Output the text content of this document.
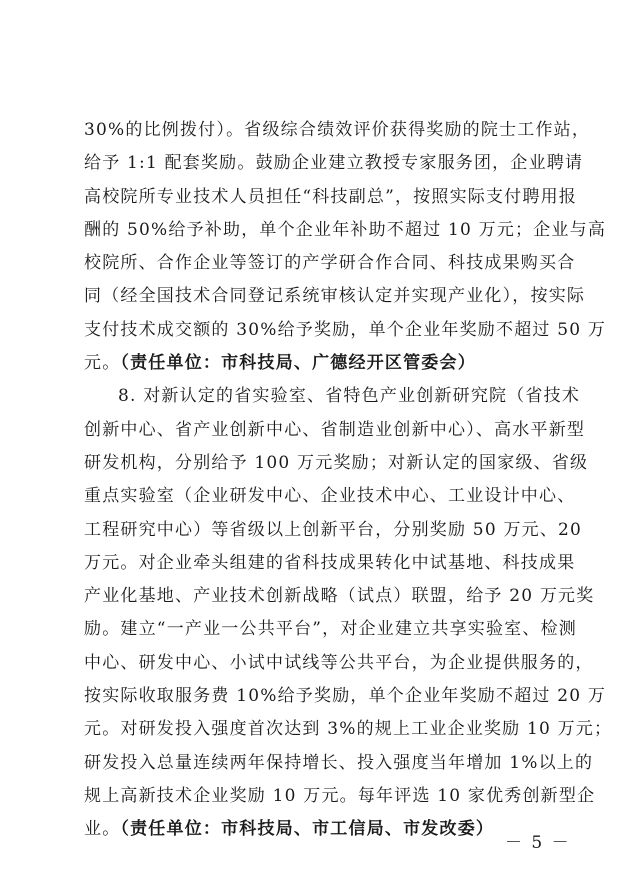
30%的比例拨付）。省级综合绩效评价获得奖励的院士工作站，
给予 1:1 配套奖励。鼓励企业建立教授专家服务团，企业聘请
高校院所专业技术人员担任“科技副总”，按照实际支付聘用报
酬的 50%给予补助，单个企业年补助不超过 10 万元；企业与高
校院所、合作企业等签订的产学研合作合同、科技成果购买合
同（经全国技术合同登记系统审核认定并实现产业化），按实际
支付技术成交额的 30%给予奖励，单个企业年奖励不超过 50 万
元。（责任单位：市科技局、广德经开区管委会）
8. 对新认定的省实验室、省特色产业创新研究院（省技术
创新中心、省产业创新中心、省制造业创新中心）、高水平新型
研发机构，分别给予 100 万元奖励；对新认定的国家级、省级
重点实验室（企业研发中心、企业技术中心、工业设计中心、
工程研究中心）等省级以上创新平台，分别奖励 50 万元、20
万元。对企业牵头组建的省科技成果转化中试基地、科技成果
产业化基地、产业技术创新战略（试点）联盟，给予 20 万元奖
励。建立“一产业一公共平台”，对企业建立共享实验室、检测
中心、研发中心、小试中试线等公共平台，为企业提供服务的，
按实际收取服务费 10%给予奖励，单个企业年奖励不超过 20 万
元。对研发投入强度首次达到 3%的规上工业企业奖励 10 万元；
研发投入总量连续两年保持增长、投入强度当年增加 1%以上的
规上高新技术企业奖励 10 万元。每年评选 10 家优秀创新型企
业。（责任单位：市科技局、市工信局、市发改委）
－ 5 －
